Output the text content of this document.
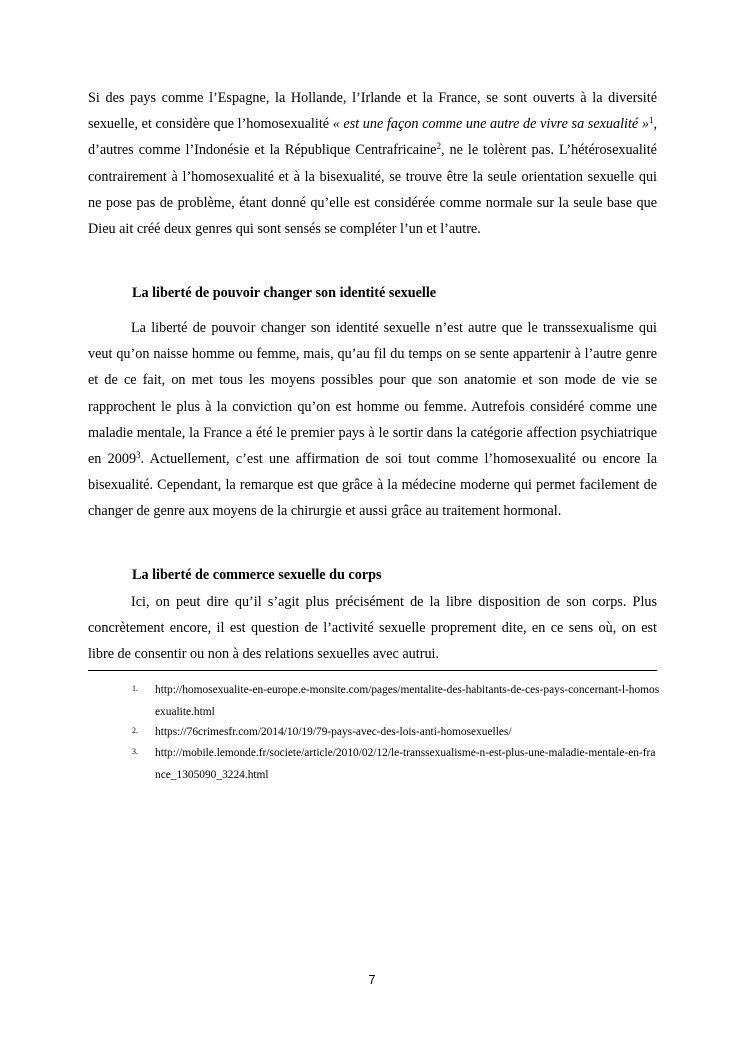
Si des pays comme l’Espagne, la Hollande, l’Irlande et la France, se sont ouverts à la diversité sexuelle, et considère que l’homosexualité « est une façon comme une autre de vivre sa sexualité »$^1$, d’autres comme l’Indonésie et la République Centrafricaine$^2$, ne le tolèrent pas. L’hétérosexualité contrairement à l’homosexualité et à la bisexualité, se trouve être la seule orientation sexuelle qui ne pose pas de problème, étant donné qu’elle est considérée comme normale sur la seule base que Dieu ait créé deux genres qui sont sensés se compléter l’un et l’autre.

La liberté de pouvoir changer son identité sexuelle

La liberté de pouvoir changer son identité sexuelle n’est autre que le transsexualisme qui veut qu’on naisse homme ou femme, mais, qu’au fil du temps on se sente appartenir à l’autre genre et de ce fait, on met tous les moyens possibles pour que son anatomie et son mode de vie se rapprochent le plus à la conviction qu’on est homme ou femme. Autrefois considéré comme une maladie mentale, la France a été le premier pays à le sortir dans la catégorie affection psychiatrique en 2009$^3$. Actuellement, c’est une affirmation de soi tout comme l’homosexualité ou encore la bisexualité. Cependant, la remarque est que grâce à la médecine moderne qui permet facilement de changer de genre aux moyens de la chirurgie et aussi grâce au traitement hormonal.

La liberté de commerce sexuelle du corps

Ici, on peut dire qu’il s’agit plus précisément de la libre disposition de son corps. Plus concrètement encore, il est question de l’activité sexuelle proprement dite, en ce sens où, on est libre de consentir ou non à des relations sexuelles avec autrui.

1. http://homosexualite-en-europe.e-monsite.com/pages/mentalite-des-habitants-de-ces-pays-concernant-l-homosexualite.html

2. https://76crimesfr.com/2014/10/19/79-pays-avec-des-lois-anti-homosexuelles/

3. http://mobile.lemonde.fr/societe/article/2010/02/12/le-transsexualisme-n-est-plus-une-maladie-mentale-en-france_1305090_3224.html

7
